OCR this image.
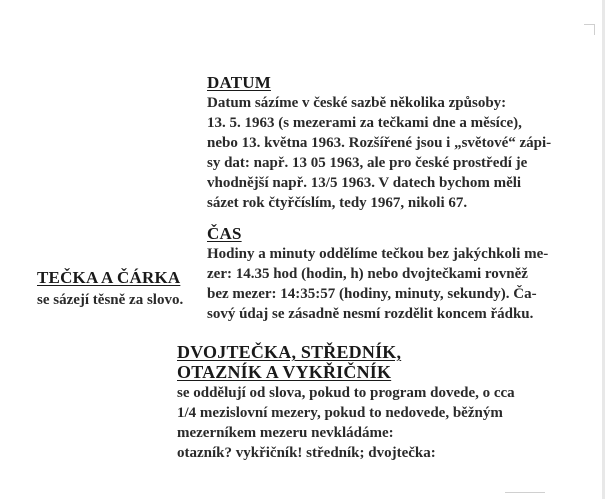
DATUM
Datum sázíme v české sazbě několika způsoby:
13. 5. 1963 (s mezerami za tečkami dne a měsíce),
nebo 13. května 1963. Rozšířené jsou i „světové“ zápi-
sy dat: např. 13 05 1963, ale pro české prostředí je
vhodnější např. 13/5 1963. V datech bychom měli
sázet rok čtyřčíslím, tedy 1967, nikoli 67.
ČAS
Hodiny a minuty oddělíme tečkou bez jakýchkoli me-
zer: 14.35 hod (hodin, h) nebo dvojtečkami rovněž
bez mezer: 14:35:57 (hodiny, minuty, sekundy). Ča-
sový údaj se zásadně nesmí rozdělit koncem řádku.
TEČKA A ČÁRKA
se sázejí těsně za slovo.
DVOJTEČKA, STŘEDNÍK,
OTAZNÍK A VYKŘIČNÍK
se oddělují od slova, pokud to program dovede, o cca
1/4 mezislovní mezery, pokud to nedovede, běžným
mezerníkem mezeru nevkládáme:
otazník? vykřičník! středník; dvojtečka:
